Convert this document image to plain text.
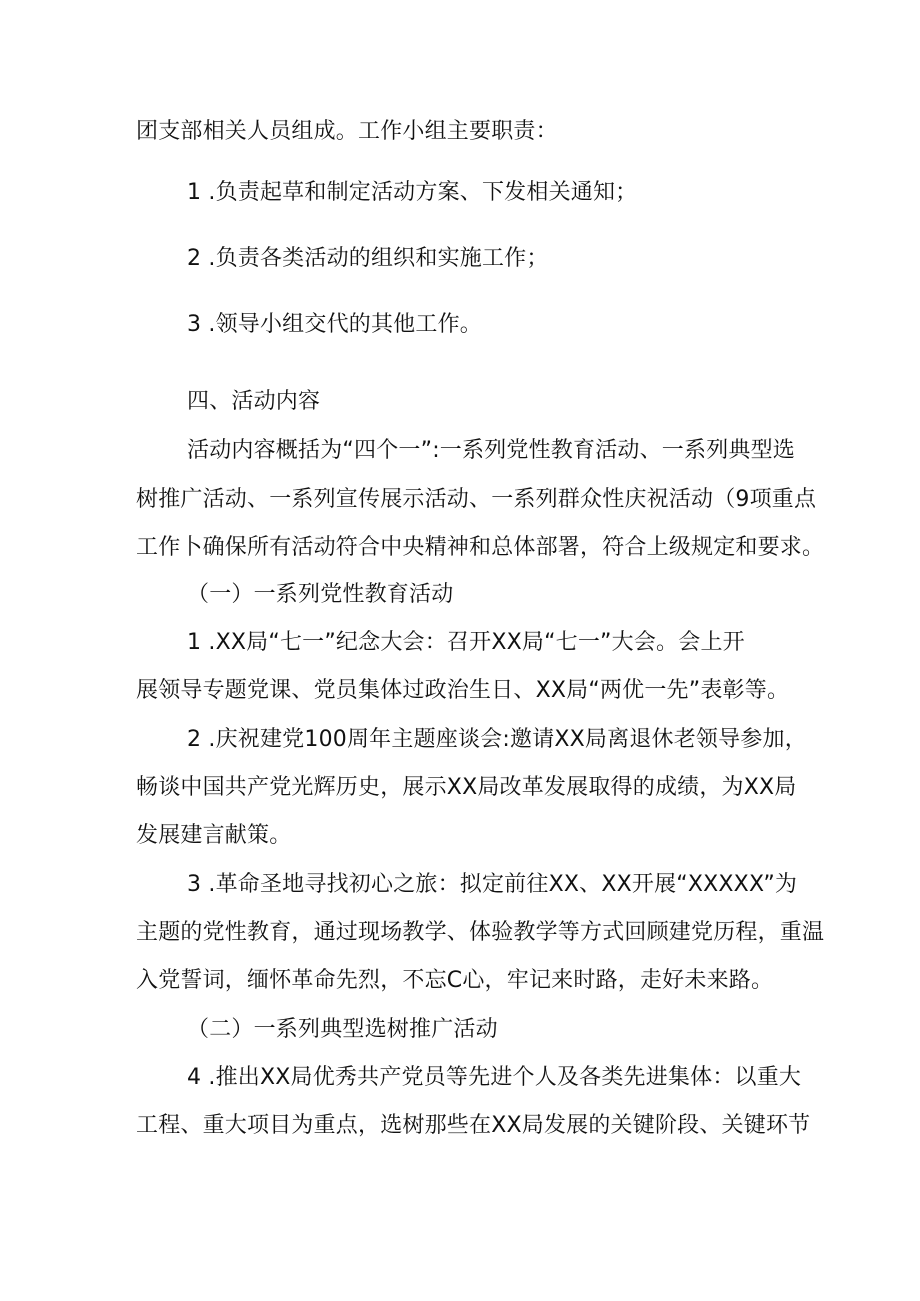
团支部相关人员组成。工作小组主要职责：
1 .负责起草和制定活动方案、下发相关通知；
2 .负责各类活动的组织和实施工作；
3 .领导小组交代的其他工作。
四、活动内容
活动内容概括为“四个一”:一系列党性教育活动、一系列典型选
树推广活动、一系列宣传展示活动、一系列群众性庆祝活动（9项重点
工作卜确保所有活动符合中央精神和总体部署，符合上级规定和要求。
（一）一系列党性教育活动
1 .XX局“七一”纪念大会：召开XX局“七一”大会。会上开
展领导专题党课、党员集体过政治生日、XX局“两优一先”表彰等。
2 .庆祝建党100周年主题座谈会:邀请XX局离退休老领导参加，
畅谈中国共产党光辉历史，展示XX局改革发展取得的成绩，为XX局
发展建言献策。
3 .革命圣地寻找初心之旅：拟定前往XX、XX开展“XXXXX”为
主题的党性教育，通过现场教学、体验教学等方式回顾建党历程，重温
入党誓词，缅怀革命先烈，不忘C心，牢记来时路，走好未来路。
（二）一系列典型选树推广活动
4 .推出XX局优秀共产党员等先进个人及各类先进集体：以重大
工程、重大项目为重点，选树那些在XX局发展的关键阶段、关键环节
